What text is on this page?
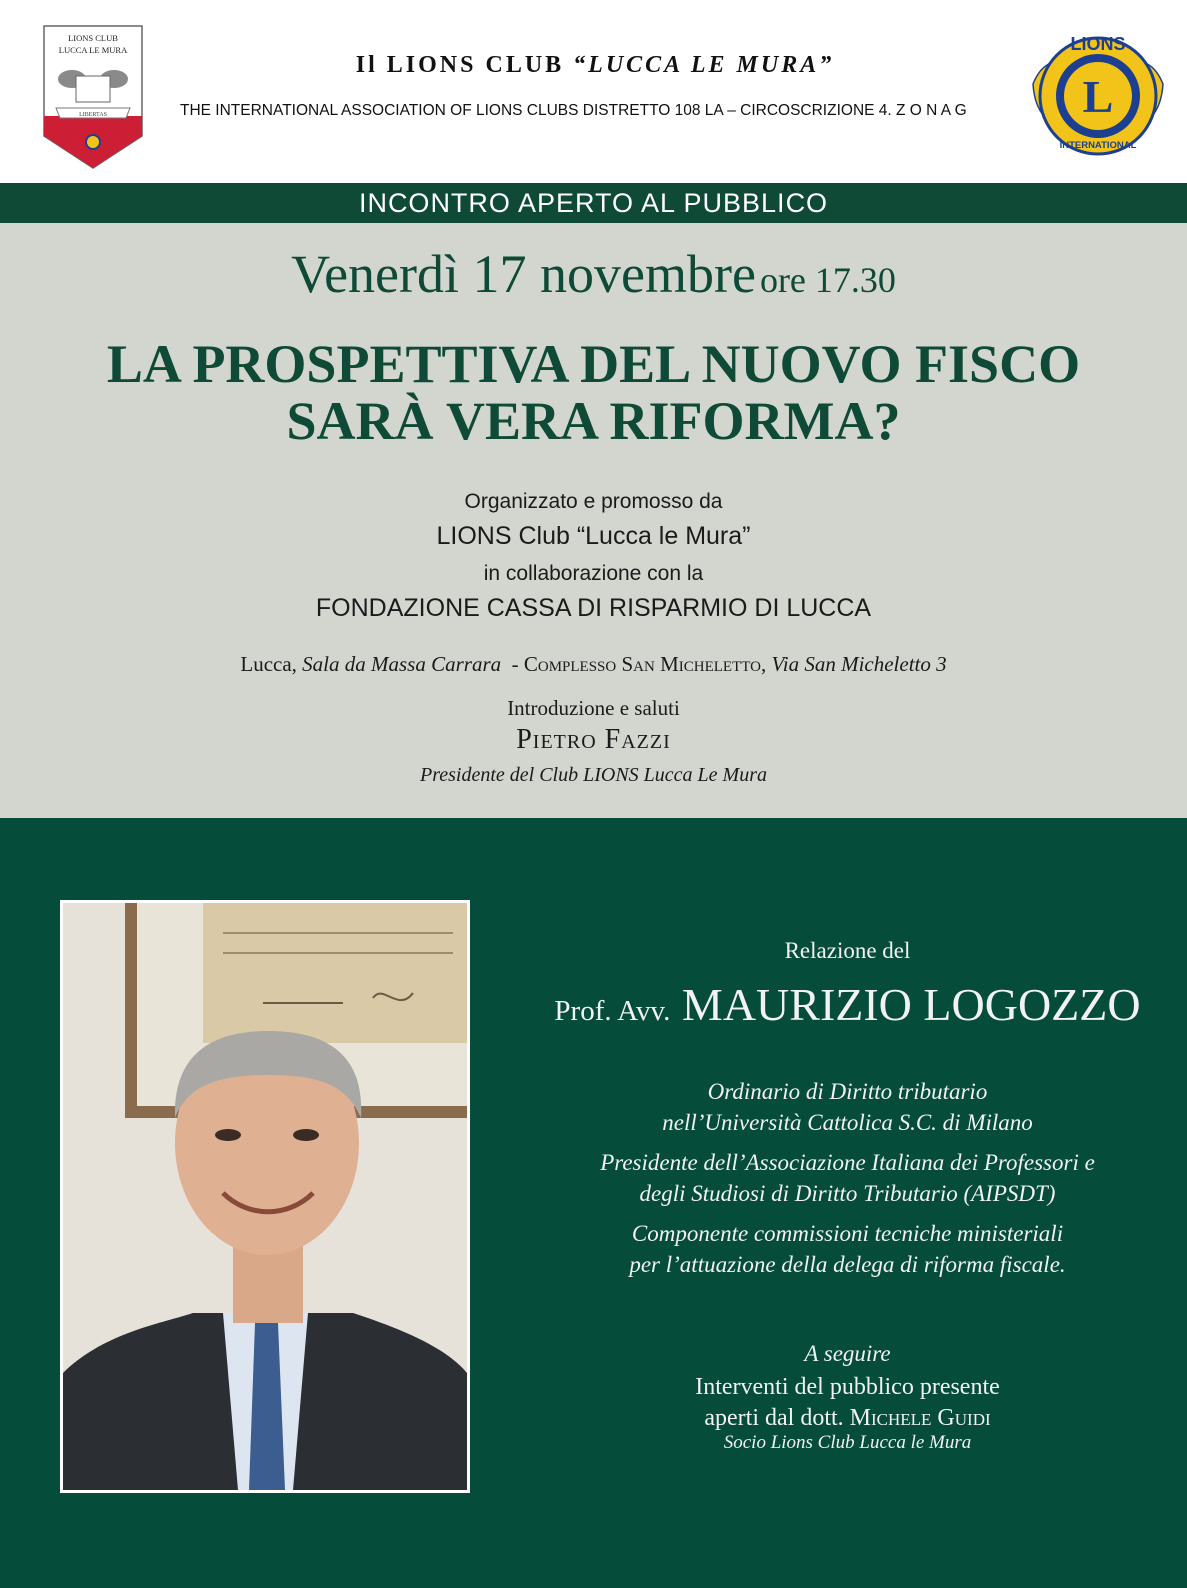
LIONS CLUB
LUCCA LE MURA
LIBERTAS
Il LIONS CLUB “LUCCA LE MURA”
THE INTERNATIONAL ASSOCIATION OF LIONS CLUBS DISTRETTO 108 LA – CIRCOSCRIZIONE 4. Z O N A G
LIONS
L
INTERNATIONAL
INCONTRO APERTO AL PUBBLICO
Venerdì 17 novembre ore 17.30
LA PROSPETTIVA DEL NUOVO FISCO
SARÀ VERA RIFORMA?
Organizzato e promosso da
LIONS Club “Lucca le Mura”
in collaborazione con la
FONDAZIONE CASSA DI RISPARMIO DI LUCCA
Lucca, Sala da Massa Carrara - Complesso San Micheletto, Via San Micheletto 3
Introduzione e saluti
Pietro Fazzi
Presidente del Club LIONS Lucca Le Mura
Relazione del
Prof. Avv. MAURIZIO LOGOZZO
Ordinario di Diritto tributario
nell’Università Cattolica S.C. di Milano
Presidente dell’Associazione Italiana dei Professori e
degli Studiosi di Diritto Tributario (AIPSDT)
Componente commissioni tecniche ministeriali
per l’attuazione della delega di riforma fiscale.
A seguire
Interventi del pubblico presente
aperti dal dott. Michele Guidi
Socio Lions Club Lucca le Mura
